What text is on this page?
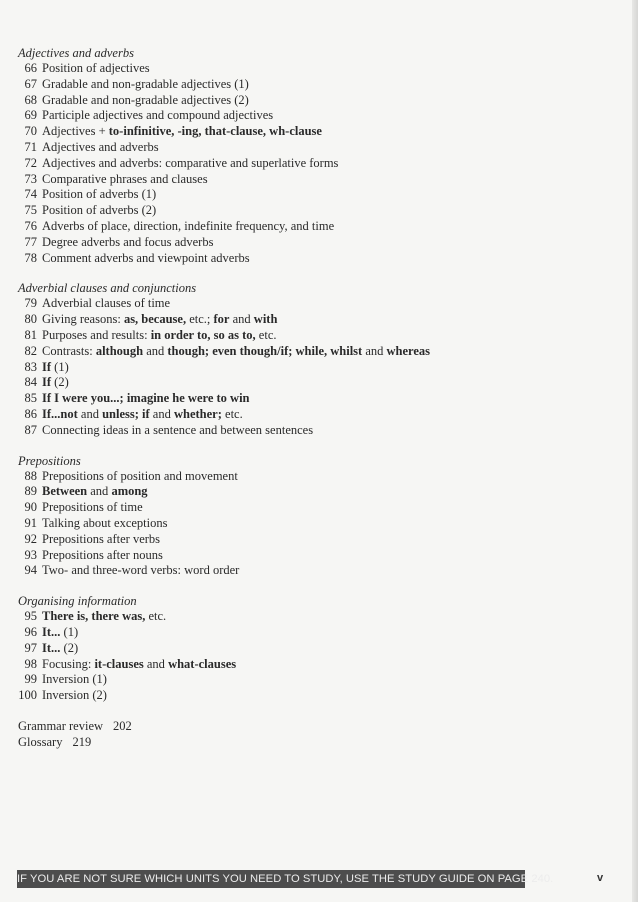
Adjectives and adverbs
66 Position of adjectives
67 Gradable and non-gradable adjectives (1)
68 Gradable and non-gradable adjectives (2)
69 Participle adjectives and compound adjectives
70 Adjectives + to-infinitive, -ing, that-clause, wh-clause
71 Adjectives and adverbs
72 Adjectives and adverbs: comparative and superlative forms
73 Comparative phrases and clauses
74 Position of adverbs (1)
75 Position of adverbs (2)
76 Adverbs of place, direction, indefinite frequency, and time
77 Degree adverbs and focus adverbs
78 Comment adverbs and viewpoint adverbs
Adverbial clauses and conjunctions
79 Adverbial clauses of time
80 Giving reasons: as, because, etc.; for and with
81 Purposes and results: in order to, so as to, etc.
82 Contrasts: although and though; even though/if; while, whilst and whereas
83 If (1)
84 If (2)
85 If I were you...; imagine he were to win
86 If...not and unless; if and whether; etc.
87 Connecting ideas in a sentence and between sentences
Prepositions
88 Prepositions of position and movement
89 Between and among
90 Prepositions of time
91 Talking about exceptions
92 Prepositions after verbs
93 Prepositions after nouns
94 Two- and three-word verbs: word order
Organising information
95 There is, there was, etc.
96 It... (1)
97 It... (2)
98 Focusing: it-clauses and what-clauses
99 Inversion (1)
100 Inversion (2)
Grammar review 202
Glossary 219
IF YOU ARE NOT SURE WHICH UNITS YOU NEED TO STUDY, USE THE STUDY GUIDE ON PAGE 240.	v
